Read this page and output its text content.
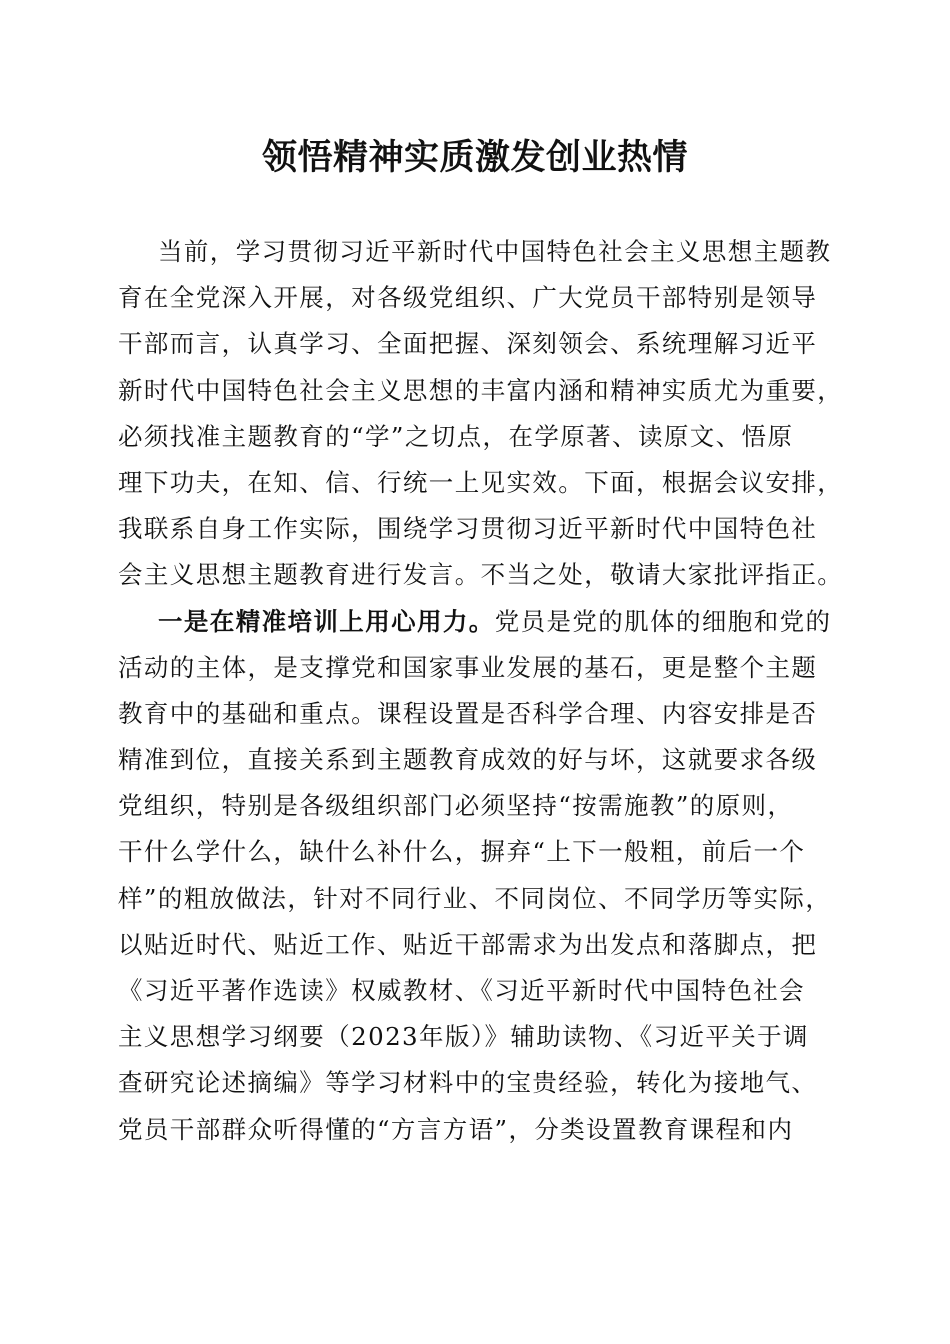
领悟精神实质激发创业热情
当前，学习贯彻习近平新时代中国特色社会主义思想主题教
育在全党深入开展，对各级党组织、广大党员干部特别是领导
干部而言，认真学习、全面把握、深刻领会、系统理解习近平
新时代中国特色社会主义思想的丰富内涵和精神实质尤为重要，
必须找准主题教育的“学”之切点，在学原著、读原文、悟原
理下功夫，在知、信、行统一上见实效。下面，根据会议安排，
我联系自身工作实际，围绕学习贯彻习近平新时代中国特色社
会主义思想主题教育进行发言。不当之处，敬请大家批评指正。
一是在精准培训上用心用力。党员是党的肌体的细胞和党的
活动的主体，是支撑党和国家事业发展的基石，更是整个主题
教育中的基础和重点。课程设置是否科学合理、内容安排是否
精准到位，直接关系到主题教育成效的好与坏，这就要求各级
党组织，特别是各级组织部门必须坚持“按需施教”的原则，
干什么学什么，缺什么补什么，摒弃“上下一般粗，前后一个
样”的粗放做法，针对不同行业、不同岗位、不同学历等实际，
以贴近时代、贴近工作、贴近干部需求为出发点和落脚点，把
《习近平著作选读》权威教材、《习近平新时代中国特色社会
主义思想学习纲要（2023年版）》辅助读物、《习近平关于调
查研究论述摘编》等学习材料中的宝贵经验，转化为接地气、
党员干部群众听得懂的“方言方语”，分类设置教育课程和内
